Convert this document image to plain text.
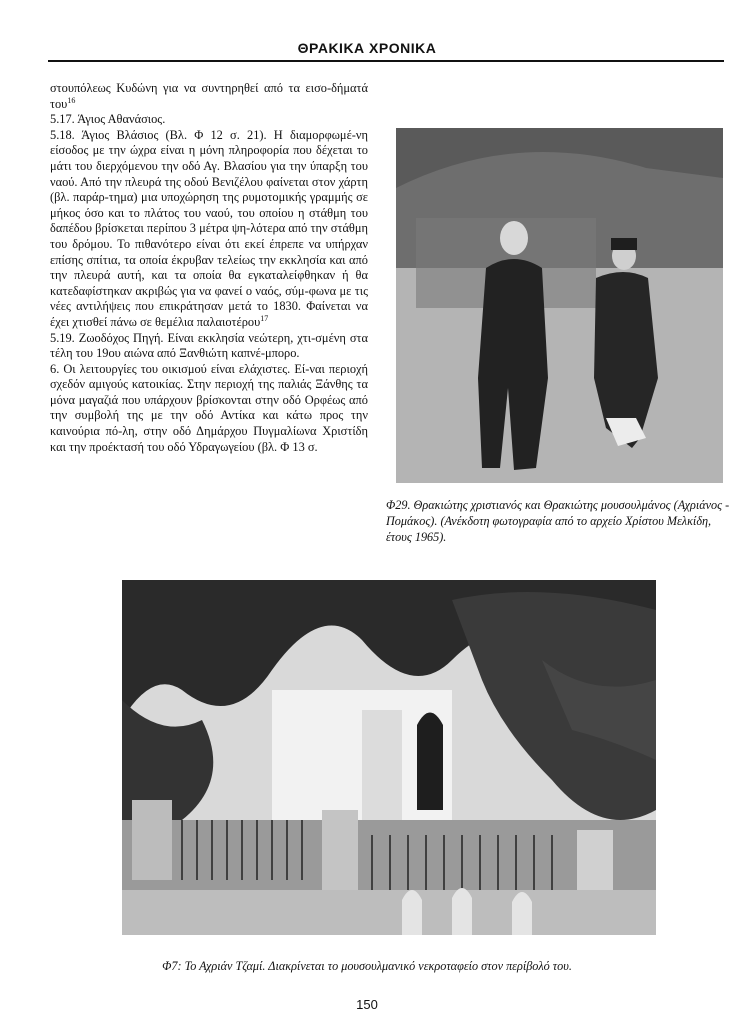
ΘΡΑΚΙΚΑ ΧΡΟΝΙΚΑ

στουπόλεως Κυδώνη για να συντηρηθεί από τα εισο-δήματά του$^{16}$

5.17. Άγιος Αθανάσιος.

5.18. Άγιος Βλάσιος (Βλ. Φ 12 σ. 21). Η διαμορφωμέ-νη είσοδος με την ώχρα είναι η μόνη πληροφορία που δέχεται το μάτι του διερχόμενου την οδό Αγ. Βλασίου για την ύπαρξη του ναού. Από την πλευρά της οδού Βενιζέλου φαίνεται στον χάρτη (βλ. παράρ-τημα) μια υποχώρηση της ρυμοτομικής γραμμής σε μήκος όσο και το πλάτος του ναού, του οποίου η στάθμη του δαπέδου βρίσκεται περίπου 3 μέτρα ψη-λότερα από την στάθμη του δρόμου. Το πιθανότερο είναι ότι εκεί έπρεπε να υπήρχαν επίσης σπίτια, τα οποία έκρυβαν τελείως την εκκλησία και από την πλευρά αυτή, και τα οποία θα εγκαταλείφθηκαν ή θα κατεδαφίστηκαν ακριβώς για να φανεί ο ναός, σύμ-φωνα με τις νέες αντιλήψεις που επικράτησαν μετά το 1830. Φαίνεται να έχει χτισθεί πάνω σε θεμέλια παλαιοτέρου$^{17}$

5.19. Ζωοδόχος Πηγή. Είναι εκκλησία νεώτερη, χτι-σμένη στα τέλη του 19ου αιώνα από Ξανθιώτη καπνέ-μπορο.

6. Οι λειτουργίες του οικισμού είναι ελάχιστες. Εί-ναι περιοχή σχεδόν αμιγούς κατοικίας. Στην περιοχή της παλιάς Ξάνθης τα μόνα μαγαζιά που υπάρχουν βρίσκονται στην οδό Ορφέως από την συμβολή της με την οδό Αντίκα και κάτω προς την καινούρια πό-λη, στην οδό Δημάρχου Πυγμαλίωνα Χριστίδη και την προέκτασή του οδό Υδραγωγείου (βλ. Φ 13 σ.

Φ29. Θρακιώτης χριστιανός και Θρακιώτης μουσουλμάνος (Αχριάνος - Πομάκος). (Ανέκδοτη φωτογραφία από το αρχείο Χρίστου Μελκίδη, έτους 1965).
Φ7: Το Αχριάν Τζαμί. Διακρίνεται το μουσουλμανικό νεκροταφείο στον περίβολό του.
150
